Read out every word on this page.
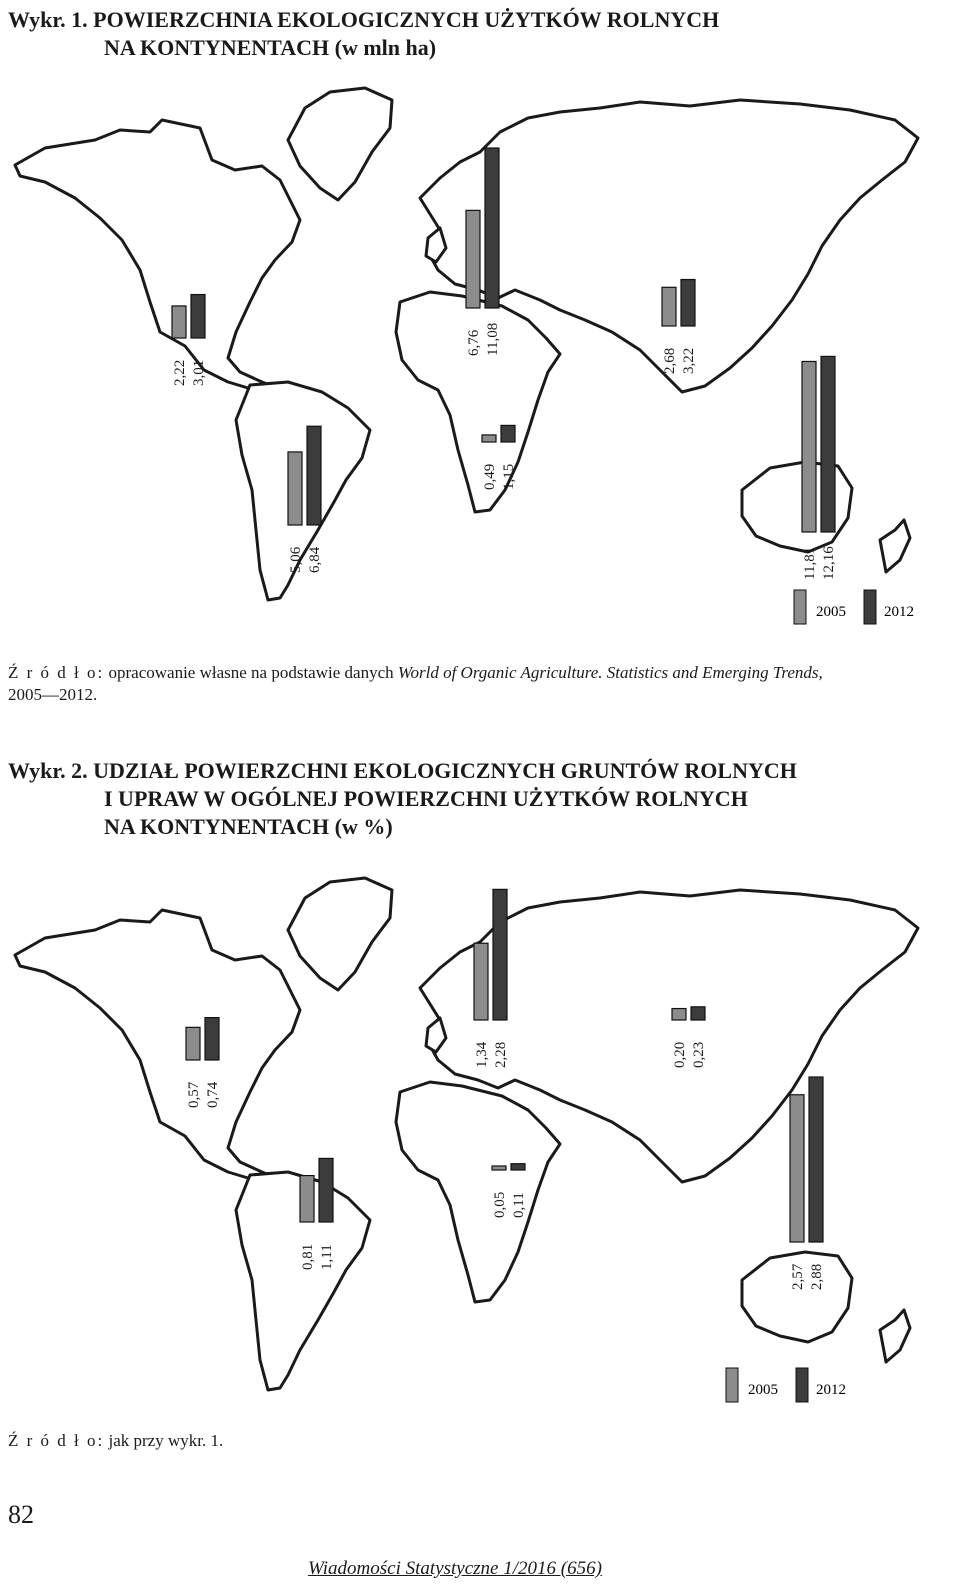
Wykr. 1. POWIERZCHNIA EKOLOGICZNYCH UŻYTKÓW ROLNYCH
NA KONTYNENTACH (w mln ha)
2,22 3,01
6,76 11,08
2,68 3,22
0,49 1,15
5,06 6,84	11,81 12,16
2005	2012
Ź r ó d ł o: opracowanie własne na podstawie danych World of Organic Agriculture. Statistics and Emerging Trends,
2005—2012.
Wykr. 2. UDZIAŁ POWIERZCHNI EKOLOGICZNYCH GRUNTÓW ROLNYCH
I UPRAW W OGÓLNEJ POWIERZCHNI UŻYTKÓW ROLNYCH
NA KONTYNENTACH (w %)
0,57 0,74
1,34 2,28	0,20 0,23
0,05 0,11
0,81 1,11
2,57 2,88
2005	2012
Ź r ó d ł o: jak przy wykr. 1.
82
Wiadomości Statystyczne 1/2016 (656)
